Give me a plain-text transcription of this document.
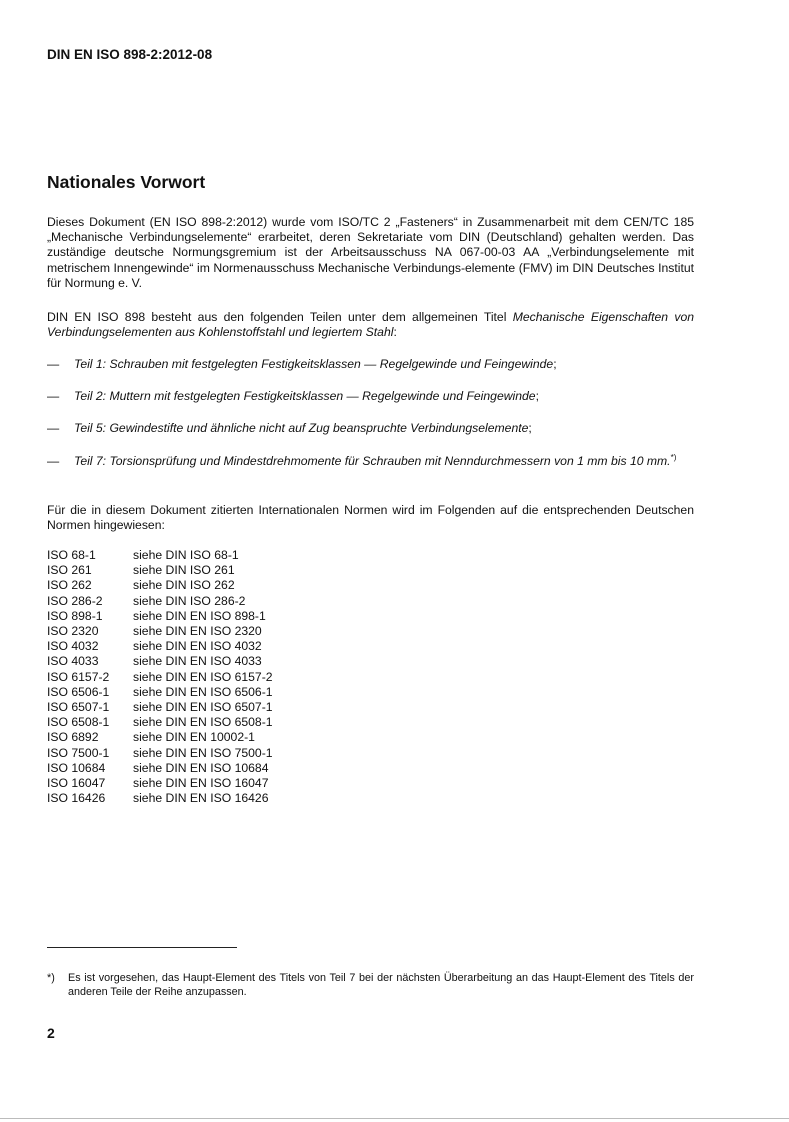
DIN EN ISO 898-2:2012-08
Nationales Vorwort
Dieses Dokument (EN ISO 898-2:2012) wurde vom ISO/TC 2 „Fasteners“ in Zusammenarbeit mit dem CEN/TC 185 „Mechanische Verbindungselemente“ erarbeitet, deren Sekretariate vom DIN (Deutschland) gehalten werden. Das zuständige deutsche Normungsgremium ist der Arbeitsausschuss NA 067-00-03 AA „Verbindungselemente mit metrischem Innengewinde“ im Normenausschuss Mechanische Verbindungs-elemente (FMV) im DIN Deutsches Institut für Normung e. V.
DIN EN ISO 898 besteht aus den folgenden Teilen unter dem allgemeinen Titel Mechanische Eigenschaften von Verbindungselementen aus Kohlenstoffstahl und legiertem Stahl:
— Teil 1: Schrauben mit festgelegten Festigkeitsklassen — Regelgewinde und Feingewinde;
— Teil 2: Muttern mit festgelegten Festigkeitsklassen — Regelgewinde und Feingewinde;
— Teil 5: Gewindestifte und ähnliche nicht auf Zug beanspruchte Verbindungselemente;
— Teil 7: Torsionsprüfung und Mindestdrehmomente für Schrauben mit Nenndurchmessern von 1 mm bis 10 mm.*)
Für die in diesem Dokument zitierten Internationalen Normen wird im Folgenden auf die entsprechenden Deutschen Normen hingewiesen:
ISO 68-1	siehe DIN ISO 68-1
ISO 261	siehe DIN ISO 261
ISO 262	siehe DIN ISO 262
ISO 286-2	siehe DIN ISO 286-2
ISO 898-1	siehe DIN EN ISO 898-1
ISO 2320	siehe DIN EN ISO 2320
ISO 4032	siehe DIN EN ISO 4032
ISO 4033	siehe DIN EN ISO 4033
ISO 6157-2	siehe DIN EN ISO 6157-2
ISO 6506-1	siehe DIN EN ISO 6506-1
ISO 6507-1	siehe DIN EN ISO 6507-1
ISO 6508-1	siehe DIN EN ISO 6508-1
ISO 6892	siehe DIN EN 10002-1
ISO 7500-1	siehe DIN EN ISO 7500-1
ISO 10684	siehe DIN EN ISO 10684
ISO 16047	siehe DIN EN ISO 16047
ISO 16426	siehe DIN EN ISO 16426
*)	Es ist vorgesehen, das Haupt-Element des Titels von Teil 7 bei der nächsten Überarbeitung an das Haupt-Element des Titels der anderen Teile der Reihe anzupassen.
2
